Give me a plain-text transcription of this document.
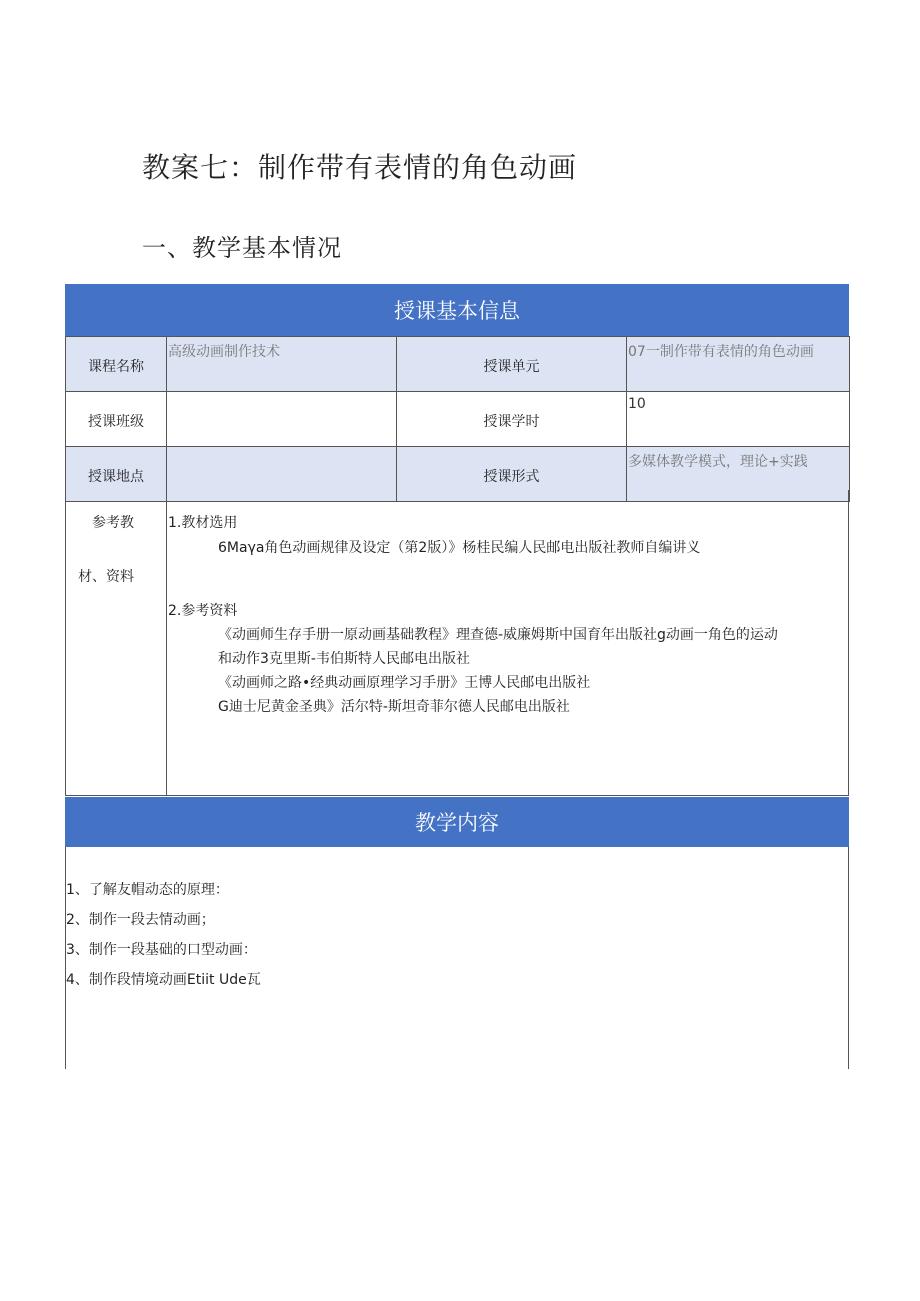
教案七：制作带有表情的角色动画
一、教学基本情况
授课基本信息
课程名称	高级动画制作技术	授课单元	07一制作带有表情的角色动画
授课班级		授课学时	10
授课地点		授课形式	多媒体教学模式，理论+实践
参考教
材、资料
1.教材选用
6Maγa角色动画规律及设定（第2版）》杨桂民编人民邮电出版社教师自编讲义
2.参考资料
《动画师生存手册一原动画基础教程》理查德-威廉姆斯中国育年出版社g动画一角色的运动
和动作3克里斯-韦伯斯特人民邮电出版社
《动画师之路•经典动画原理学习手册》王博人民邮电出版社
G迪士尼黄金圣典》活尔特-斯坦奇菲尔德人民邮电出版社
教学内容
1、了解友帽动态的原理：
2、制作一段去情动画；
3、制作一段基础的口型动画：
4、制作段情境动画Etiit Ude瓦
